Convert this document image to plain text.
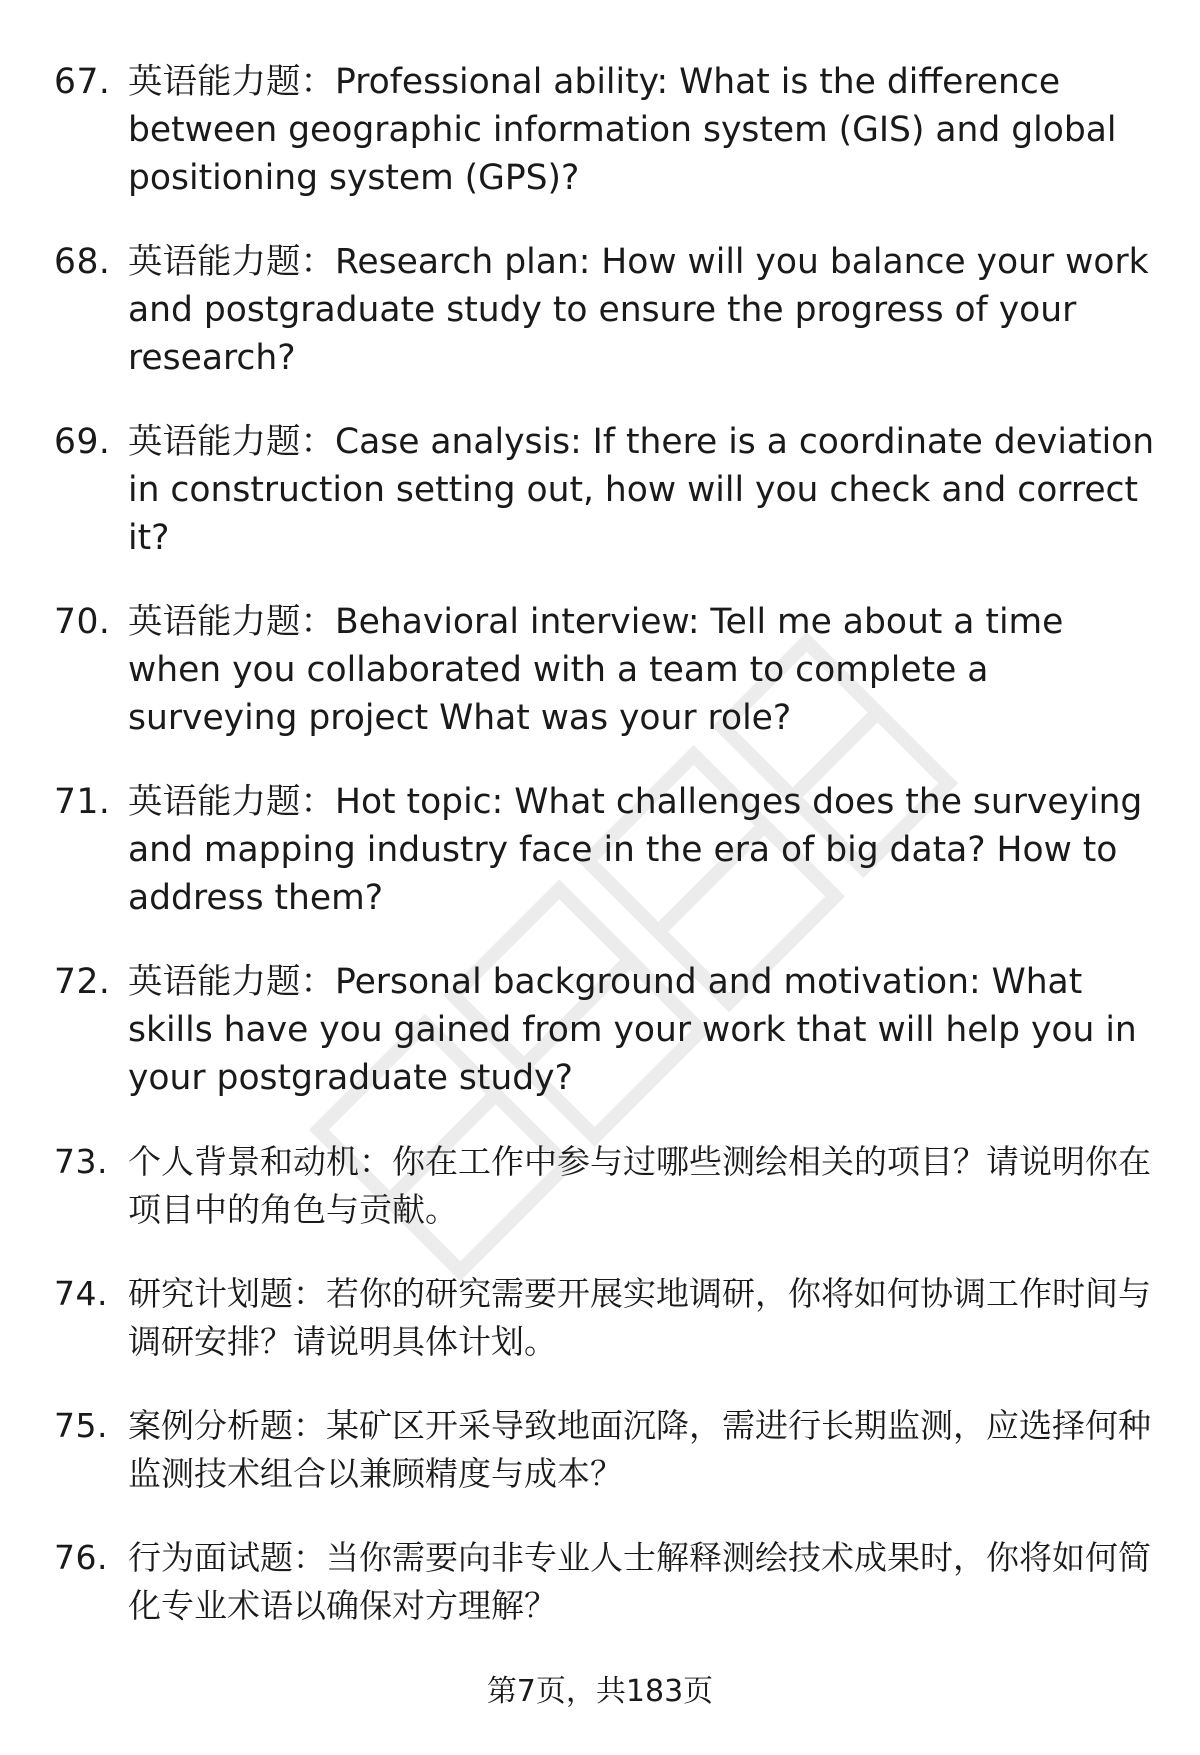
67. 英语能力题：Professional ability: What is the difference between geographic information system (GIS) and global positioning system (GPS)?
68. 英语能力题：Research plan: How will you balance your work and postgraduate study to ensure the progress of your research?
69. 英语能力题：Case analysis: If there is a coordinate deviation in construction setting out, how will you check and correct it?
70. 英语能力题：Behavioral interview: Tell me about a time when you collaborated with a team to complete a surveying project What was your role?
71. 英语能力题：Hot topic: What challenges does the surveying and mapping industry face in the era of big data? How to address them?
72. 英语能力题：Personal background and motivation: What skills have you gained from your work that will help you in your postgraduate study?
73. 个人背景和动机：你在工作中参与过哪些测绘相关的项目？请说明你在项目中的角色与贡献。
74. 研究计划题：若你的研究需要开展实地调研，你将如何协调工作时间与调研安排？请说明具体计划。
75. 案例分析题：某矿区开采导致地面沉降，需进行长期监测，应选择何种监测技术组合以兼顾精度与成本？
76. 行为面试题：当你需要向非专业人士解释测绘技术成果时，你将如何简化专业术语以确保对方理解？
第7页，共183页
